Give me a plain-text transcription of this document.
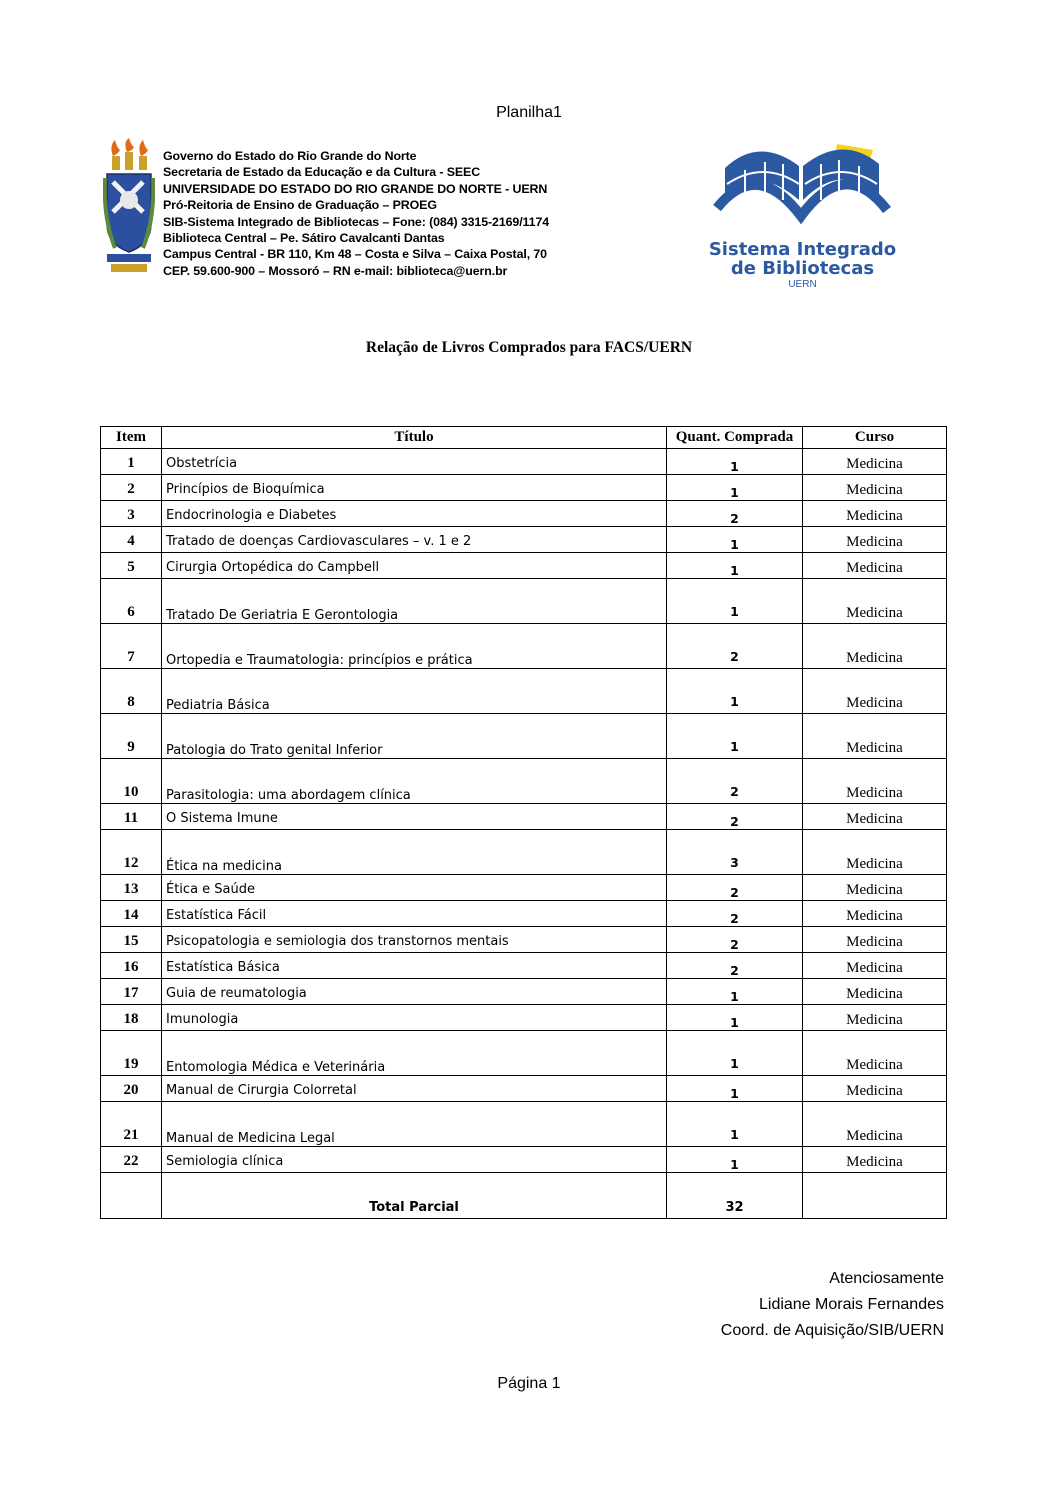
Planilha1
Governo do Estado do Rio Grande do Norte
Secretaria de Estado da Educação e da Cultura - SEEC
UNIVERSIDADE DO ESTADO DO RIO GRANDE DO NORTE - UERN
Pró-Reitoria de Ensino de Graduação – PROEG
SIB-Sistema Integrado de Bibliotecas – Fone: (084) 3315-2169/1174
Biblioteca Central – Pe. Sátiro Cavalcanti Dantas
Campus Central - BR 110, Km 48 – Costa e Silva – Caixa Postal, 70
CEP. 59.600-900 – Mossoró – RN e-mail: biblioteca@uern.br
Sistema Integrado
de Bibliotecas
UERN
Relação de Livros Comprados para FACS/UERN
Item	Título	Quant. Comprada	Curso
1	Obstetrícia	1	Medicina
2	Princípios de Bioquímica	1	Medicina
3	Endocrinologia e Diabetes	2	Medicina
4	Tratado de doenças Cardiovasculares – v. 1 e 2	1	Medicina
5	Cirurgia Ortopédica do Campbell	1	Medicina
6	Tratado De Geriatria E Gerontologia	1	Medicina
7	Ortopedia e Traumatologia: princípios e prática	2	Medicina
8	Pediatria Básica	1	Medicina
9	Patologia do Trato genital Inferior	1	Medicina
10	Parasitologia: uma abordagem clínica	2	Medicina
11	O Sistema Imune	2	Medicina
12	Ética na medicina	3	Medicina
13	Ética e Saúde	2	Medicina
14	Estatística Fácil	2	Medicina
15	Psicopatologia e semiologia dos transtornos mentais	2	Medicina
16	Estatística Básica	2	Medicina
17	Guia de reumatologia	1	Medicina
18	Imunologia	1	Medicina
19	Entomologia Médica e Veterinária	1	Medicina
20	Manual de Cirurgia Colorretal	1	Medicina
21	Manual de Medicina Legal	1	Medicina
22	Semiologia clínica	1	Medicina
	Total Parcial	32	
Atenciosamente
Lidiane Morais Fernandes
Coord. de Aquisição/SIB/UERN
Página 1
